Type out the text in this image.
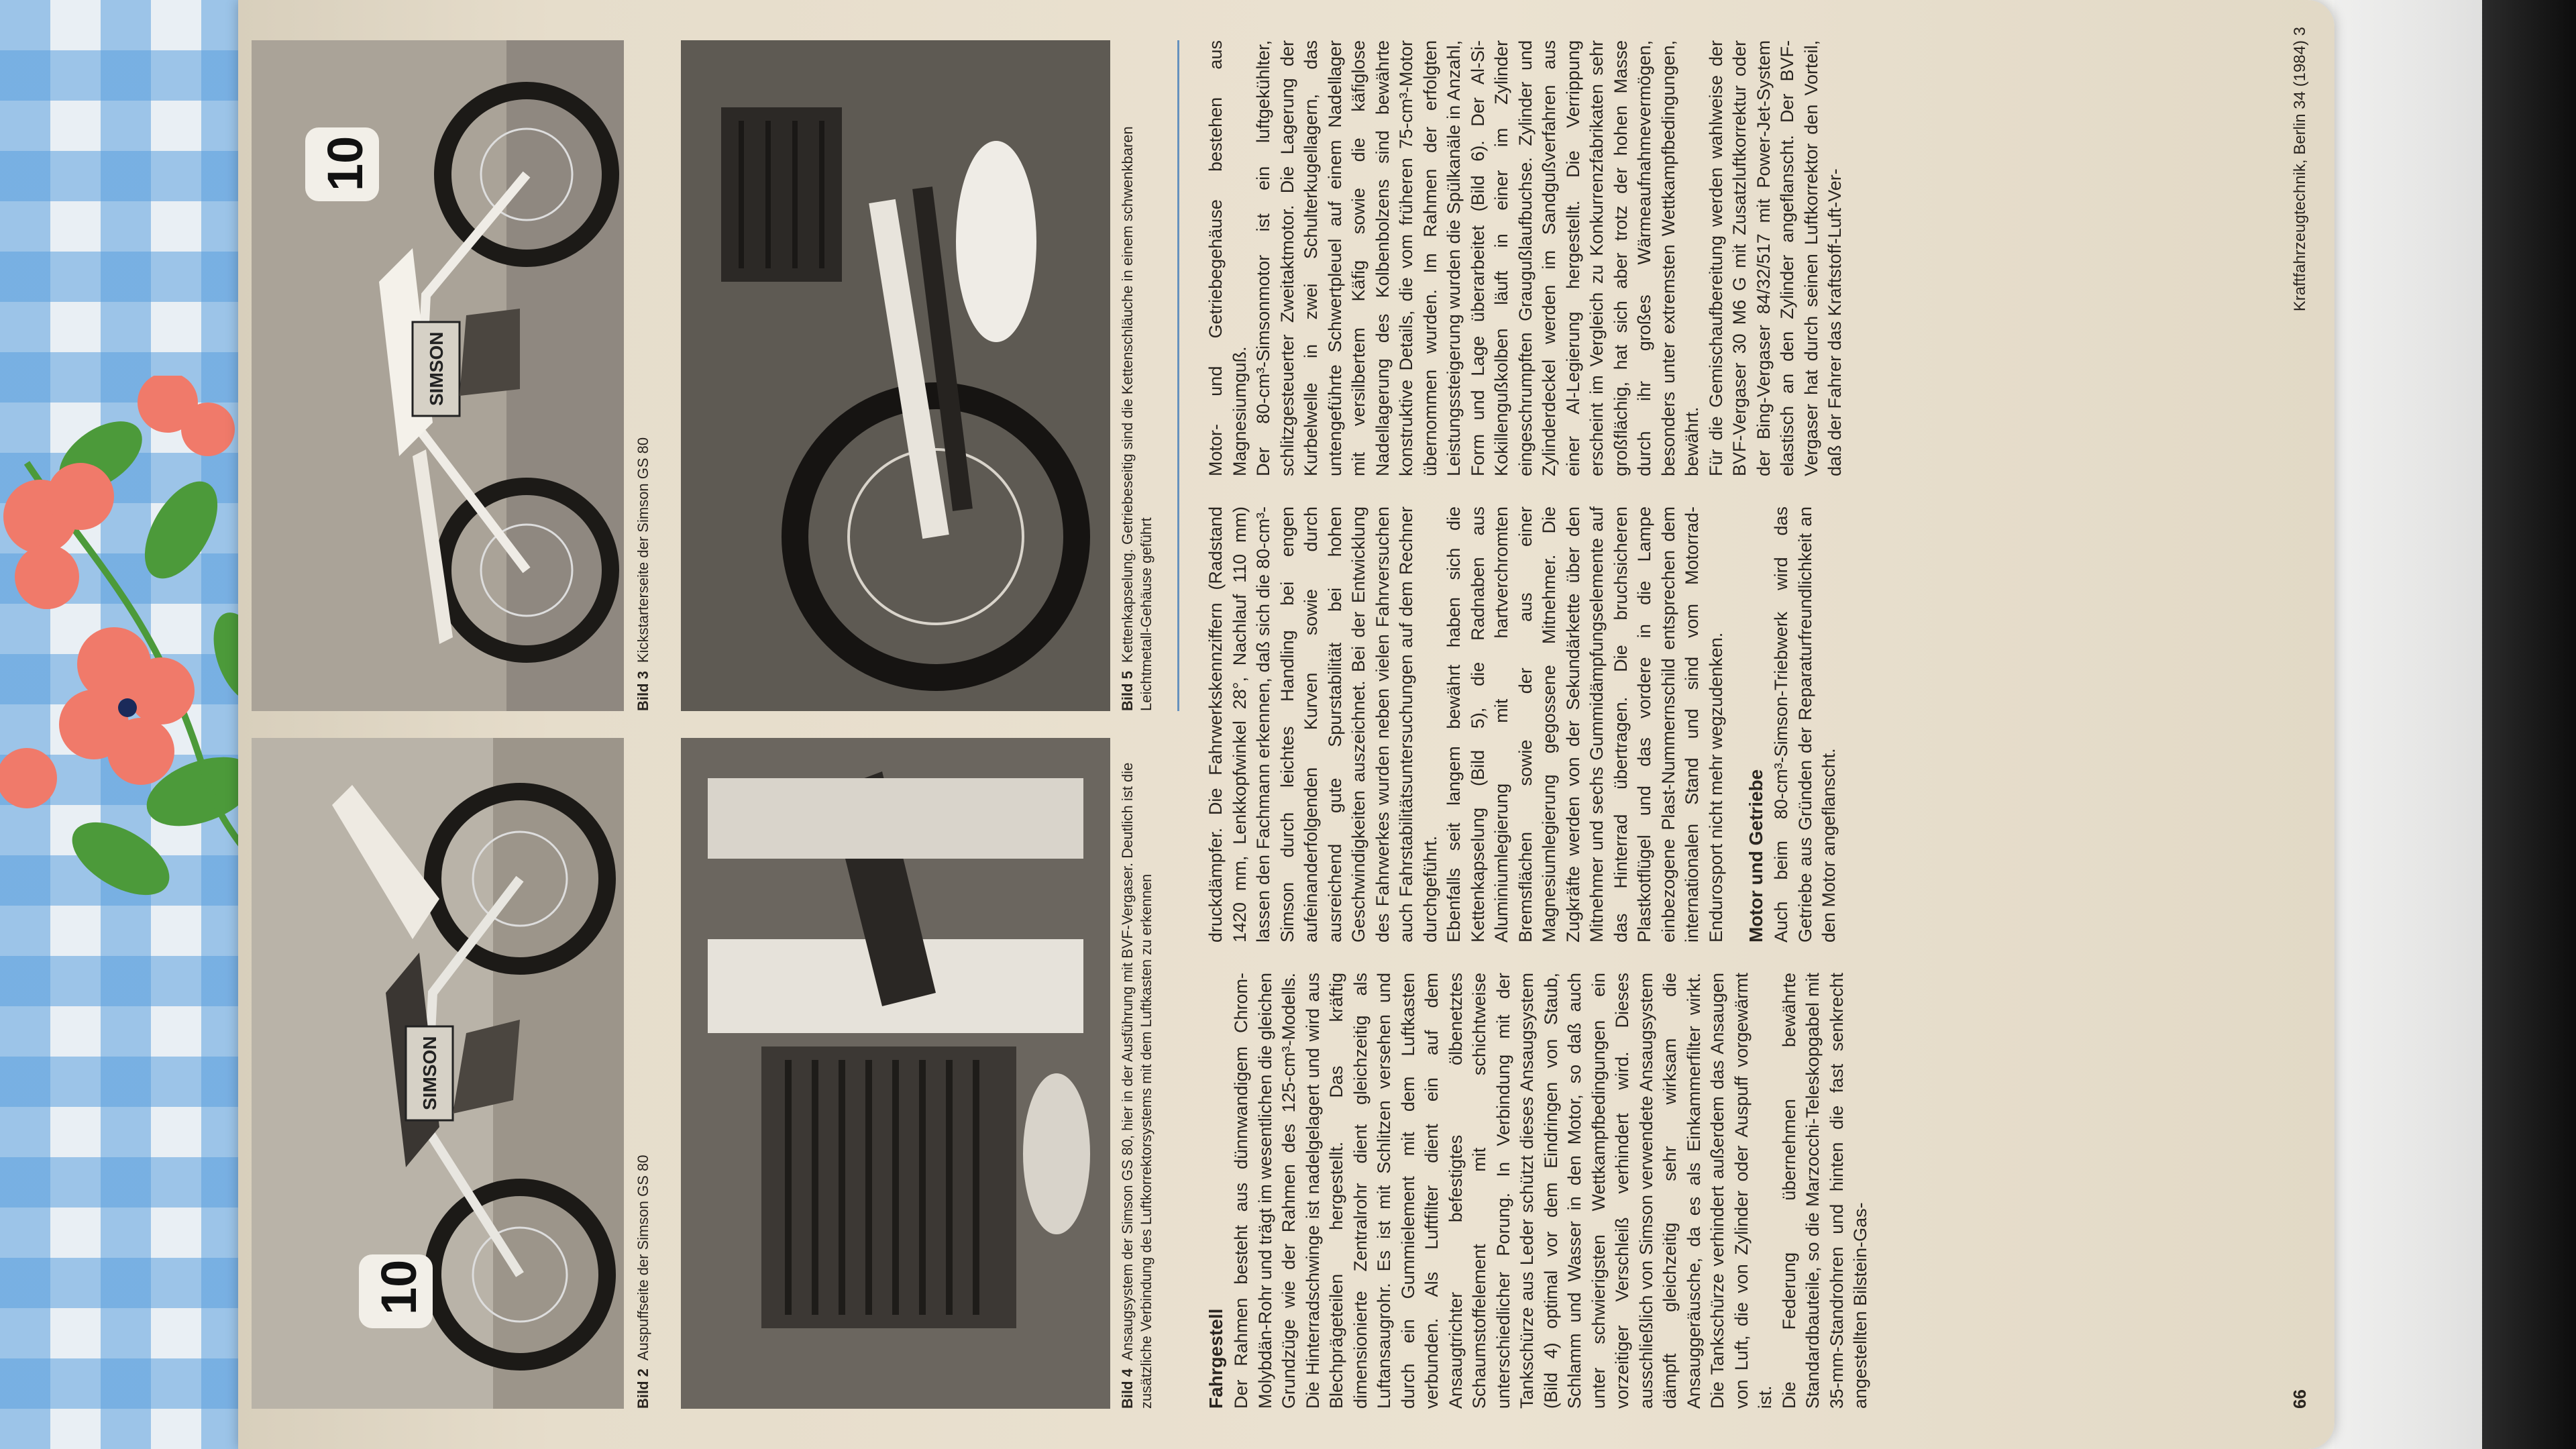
SIMSON
10
Bild 2Auspuffseite der Simson GS 80
SIMSON
10
Bild 3Kickstarterseite der Simson GS 80
Bild 4Ansaugsystem der Simson GS 80, hier in der Ausführung mit BVF-Vergaser. Deutlich ist die zusätzliche Verbindung des Luftkorrektorsystems mit dem Luftkasten zu erkennen
Bild 5Kettenkapselung. Getriebeseitig sind die Kettenschläuche in einem schwenkbaren Leichtmetall-Gehäuse geführt
Fahrgestell Der Rahmen besteht aus dünnwandigem Chrom-Molybdän-Rohr und trägt im wesentlichen die gleichen Grundzüge wie der Rahmen des 125-cm³-Modells. Die Hinterradschwinge ist nadelgelagert und wird aus Blechprägeteilen hergestellt. Das kräftig dimensionierte Zentralrohr dient gleichzeitig als Luftansaugrohr. Es ist mit Schlitzen versehen und durch ein Gummielement mit dem Luftkasten verbunden. Als Luftfilter dient ein auf dem Ansaugtrichter befestigtes ölbenetztes Schaumstoffelement mit schichtweise unterschiedlicher Porung. In Verbindung mit der Tankschürze aus Leder schützt dieses Ansaugsystem (Bild 4) optimal vor dem Eindringen von Staub, Schlamm und Wasser in den Motor, so daß auch unter schwierigsten Wettkampfbedingungen ein vorzeitiger Verschleiß verhindert wird. Dieses ausschließlich von Simson verwendete Ansaugsystem dämpft gleichzeitig sehr wirksam die Ansauggeräusche, da es als Einkammerfilter wirkt. Die Tankschürze verhindert außerdem das Ansaugen von Luft, die von Zylinder oder Auspuff vorgewärmt ist. Die Federung übernehmen bewährte Standardbauteile, so die Marzocchi-Teleskopgabel mit 35-mm-Standrohren und hinten die fast senkrecht angestellten Bilstein-Gas-

druckdämpfer. Die Fahrwerkskennziffern (Radstand 1420 mm, Lenkkopfwinkel 28°, Nachlauf 110 mm) lassen den Fachmann erkennen, daß sich die 80-cm³-Simson durch leichtes Handling bei engen aufeinanderfolgenden Kurven sowie durch ausreichend gute Spurstabilität bei hohen Geschwindigkeiten auszeichnet. Bei der Entwicklung des Fahrwerkes wurden neben vielen Fahrversuchen auch Fahrstabilitätsuntersuchungen auf dem Rechner durchgeführt. Ebenfalls seit langem bewährt haben sich die Kettenkapselung (Bild 5), die Radnaben aus Aluminiumlegierung mit hartverchromten Bremsflächen sowie der aus einer Magnesiumlegierung gegossene Mitnehmer. Die Zugkräfte werden von der Sekundärkette über den Mitnehmer und sechs Gummidämpfungselemente auf das Hinterrad übertragen. Die bruchsicheren Plastkotflügel und das vordere in die Lampe einbezogene Plast-Nummernschild entsprechen dem internationalen Stand und sind vom Motorrad-Endurosport nicht mehr wegzudenken. Motor und Getriebe Auch beim 80-cm³-Simson-Triebwerk wird das Getriebe aus Gründen der Reparaturfreundlichkeit an den Motor angeflanscht.

Motor- und Getriebegehäuse bestehen aus Magnesiumguß. Der 80-cm³-Simsonmotor ist ein luftgekühlter, schlitzgesteuerter Zweitaktmotor. Die Lagerung der Kurbelwelle in zwei Schulterkugellagern, das untengeführte Schwertpleuel auf einem Nadellager mit versilbertem Käfig sowie die käfiglose Nadellagerung des Kolbenbolzens sind bewährte konstruktive Details, die vom früheren 75-cm³-Motor übernommen wurden. Im Rahmen der erfolgten Leistungssteigerung wurden die Spülkanäle in Anzahl, Form und Lage überarbeitet (Bild 6). Der Al-Si-Kokillengußkolben läuft in einer im Zylinder eingeschrumpften Graugußlaufbuchse. Zylinder und Zylinderdeckel werden im Sandgußverfahren aus einer Al-Legierung hergestellt. Die Verrippung erscheint im Vergleich zu Konkurrenzfabrikaten sehr großflächig, hat sich aber trotz der hohen Masse durch ihr großes Wärmeaufnahmevermögen, besonders unter extremsten Wettkampfbedingungen, bewährt. Für die Gemischaufbereitung werden wahlweise der BVF-Vergaser 30 M6 G mit Zusatzluftkorrektur oder der Bing-Vergaser 84/32/517 mit Power-Jet-System elastisch an den Zylinder angeflanscht. Der BVF-Vergaser hat durch seinen Luftkorrektor den Vorteil, daß der Fahrer das Kraftstoff-Luft-Ver-

66
Kraftfahrzeugtechnik, Berlin 34 (1984) 3
